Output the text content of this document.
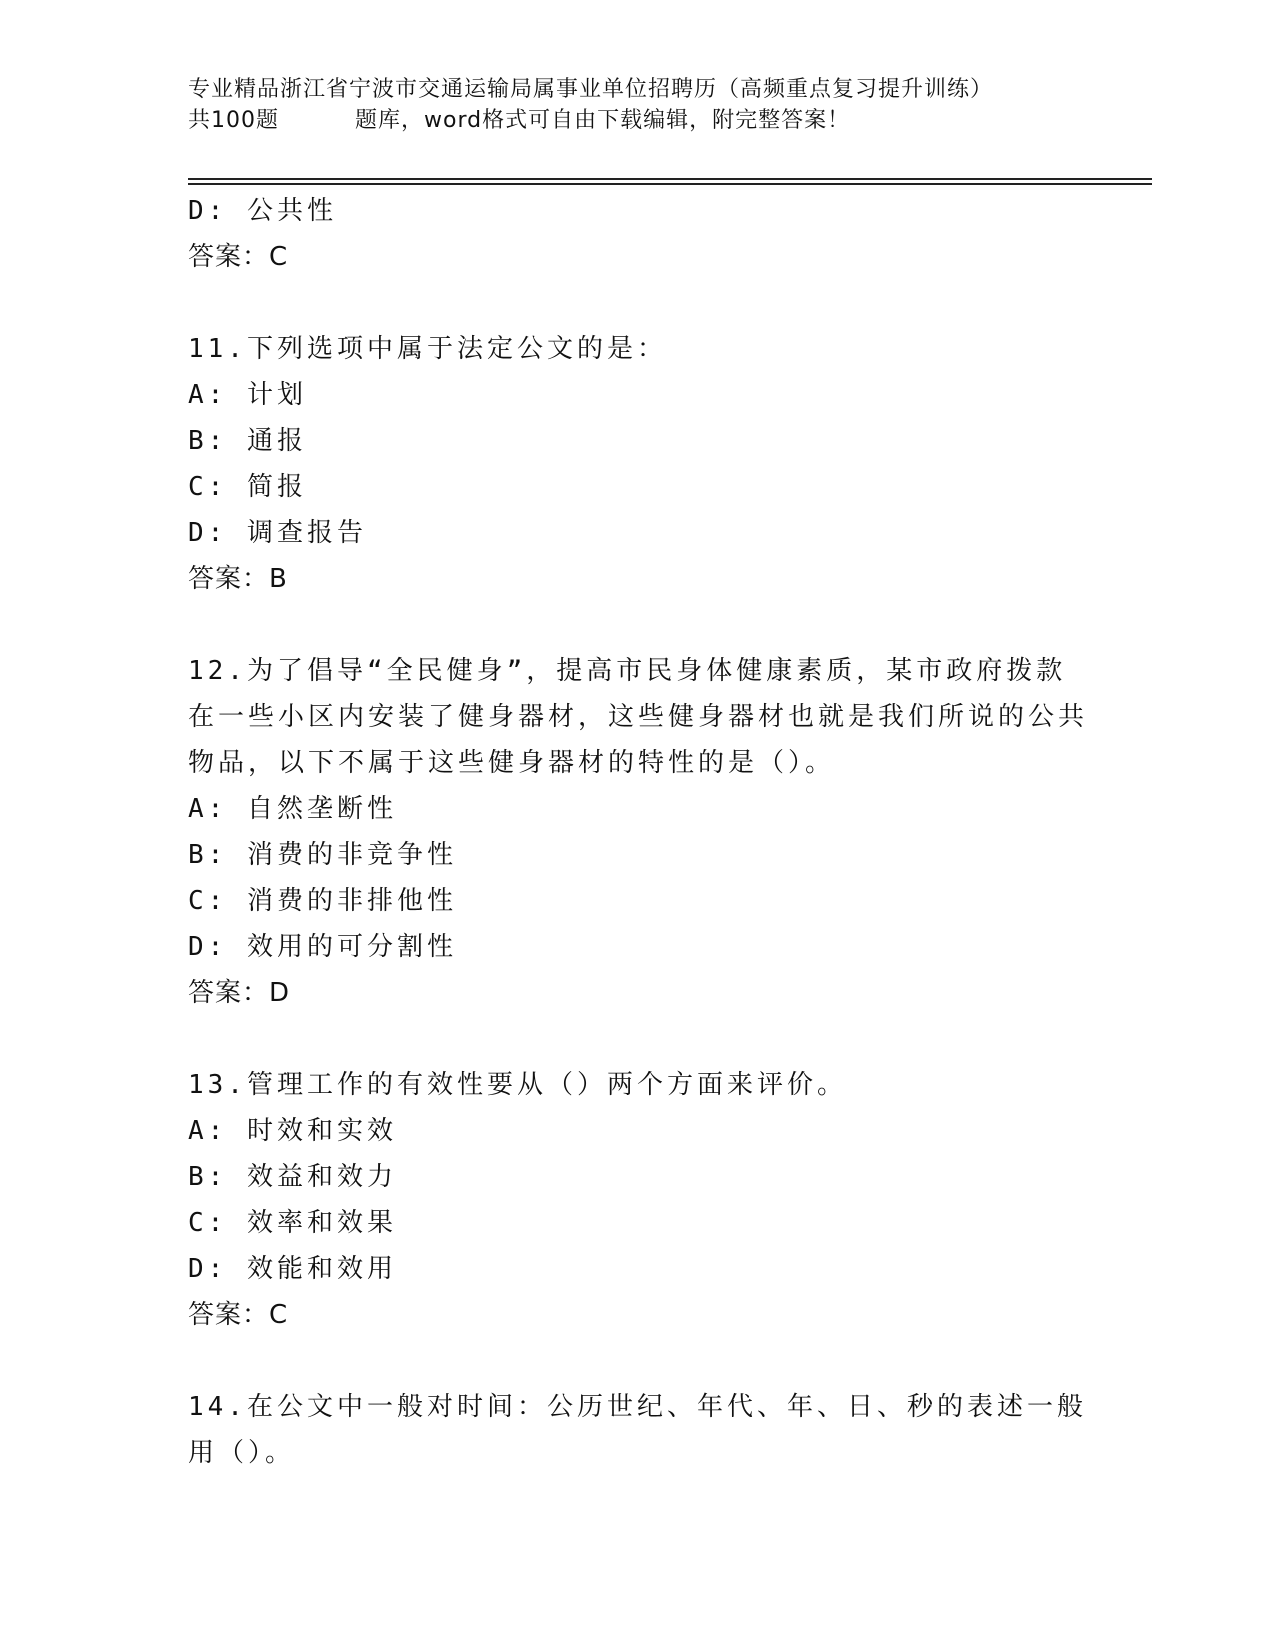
专业精品浙江省宁波市交通运输局属事业单位招聘历（高频重点复习提升训练）
共100题	题库，word格式可自由下载编辑，附完整答案！
D: 公共性
答案：C
11.下列选项中属于法定公文的是：
A: 计划
B: 通报
C: 简报
D: 调查报告
答案：B
12.为了倡导“全民健身”，提高市民身体健康素质，某市政府拨款在一些小区内安装了健身器材，这些健身器材也就是我们所说的公共物品，以下不属于这些健身器材的特性的是（）。
A: 自然垄断性
B: 消费的非竞争性
C: 消费的非排他性
D: 效用的可分割性
答案：D
13.管理工作的有效性要从（）两个方面来评价。
A: 时效和实效
B: 效益和效力
C: 效率和效果
D: 效能和效用
答案：C
14.在公文中一般对时间：公历世纪、年代、年、日、秒的表述一般用（）。
